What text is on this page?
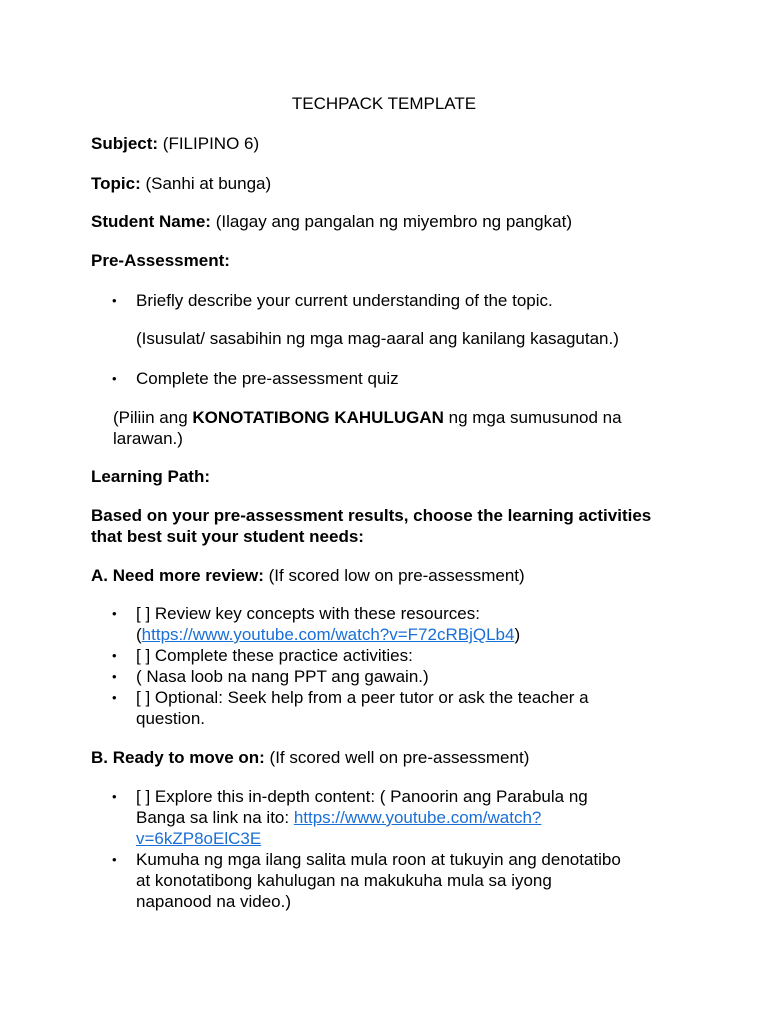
TECHPACK TEMPLATE
Subject: (FILIPINO 6)
Topic: (Sanhi at bunga)
Student Name: (Ilagay ang pangalan ng miyembro ng pangkat)
Pre-Assessment:
• Briefly describe your current understanding of the topic.
(Isusulat/ sasabihin ng mga mag-aaral ang kanilang kasagutan.)
• Complete the pre-assessment quiz
(Piliin ang KONOTATIBONG KAHULUGAN ng mga sumusunod na larawan.)
Learning Path:
Based on your pre-assessment results, choose the learning activities that best suit your student needs:
A. Need more review: (If scored low on pre-assessment)
• [ ] Review key concepts with these resources:
(https://www.youtube.com/watch?v=F72cRBjQLb4)
• [ ] Complete these practice activities:
• ( Nasa loob na nang PPT ang gawain.)
• [ ] Optional: Seek help from a peer tutor or ask the teacher a question.
B. Ready to move on: (If scored well on pre-assessment)
• [ ] Explore this in-depth content: ( Panoorin ang Parabula ng Banga sa link na ito: https://www.youtube.com/watch?v=6kZP8oElC3E
• Kumuha ng mga ilang salita mula roon at tukuyin ang denotatibo at konotatibong kahulugan na makukuha mula sa iyong napanood na video.)
